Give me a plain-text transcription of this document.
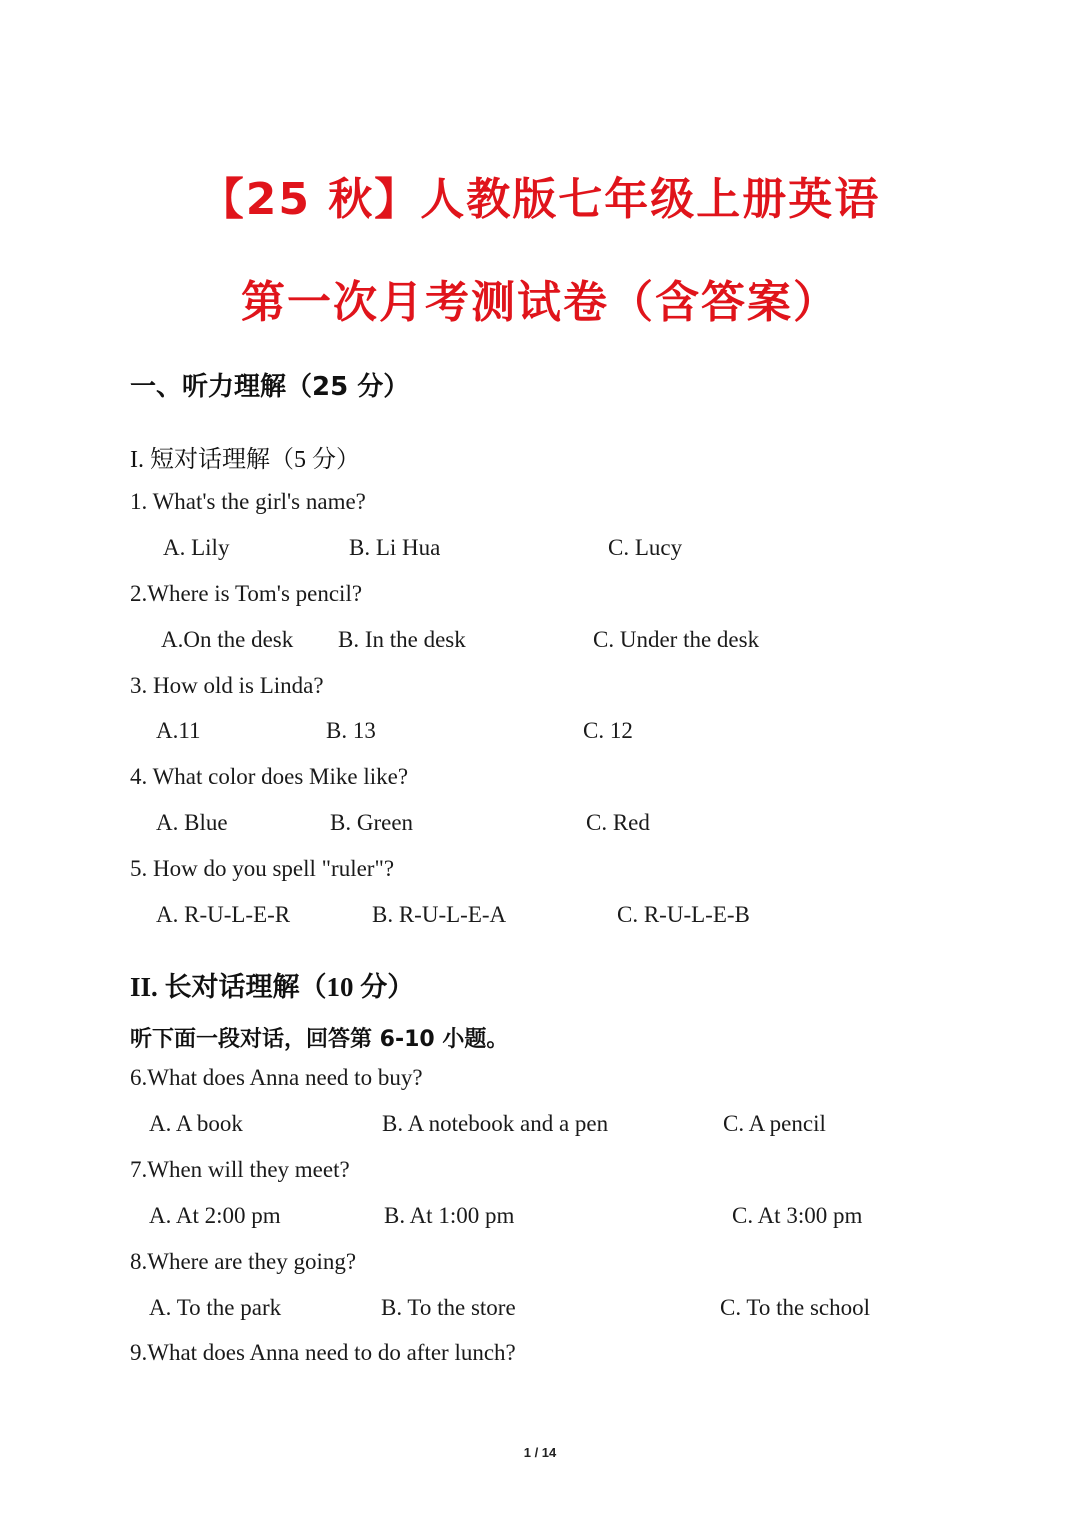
【25 秋】人教版七年级上册英语
第一次月考测试卷（含答案）
一、听力理解（25 分）
I. 短对话理解（5 分）
1. What's the girl's name?
A. Lily	B. Li Hua	C. Lucy
2.Where is Tom's pencil?
A.On the desk B. In the desk	C. Under the desk
3. How old is Linda?
A.11	B. 13	C. 12
4. What color does Mike like?
A. Blue	B. Green	C. Red
5. How do you spell "ruler"?
A. R-U-L-E-R	B. R-U-L-E-A	C. R-U-L-E-B
II. 长对话理解（10 分）
听下面一段对话，回答第 6-10 小题。
6.What does Anna need to buy?
A. A book	B. A notebook and a pen	C. A pencil
7.When will they meet?
A. At 2:00 pm	B. At 1:00 pm	C. At 3:00 pm
8.Where are they going?
A. To the park	B. To the store	C. To the school
9.What does Anna need to do after lunch?
1 / 14
